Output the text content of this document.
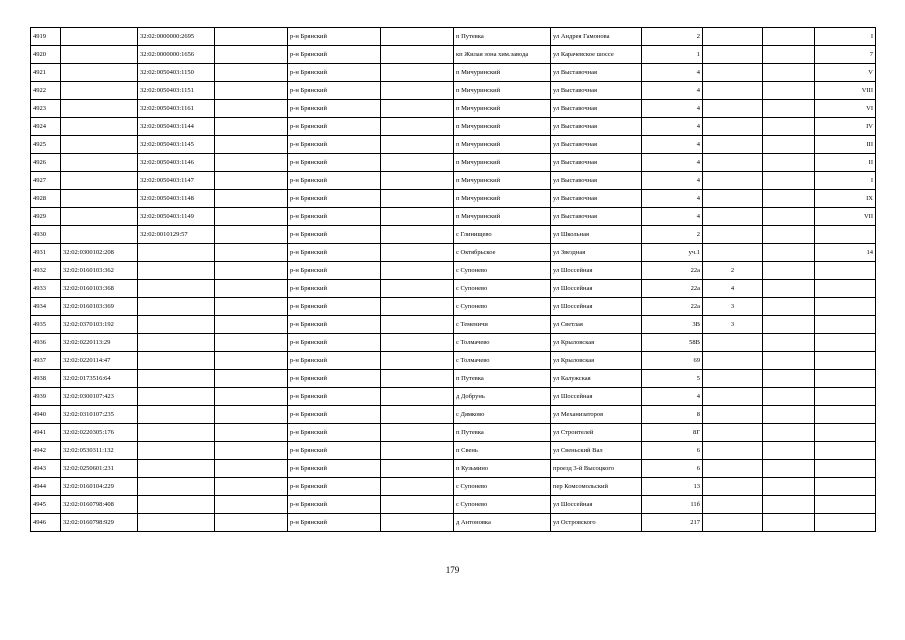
4919		32:02:0000000:2695		р-н Брянский		п Путевка	ул Андрея Гамонова	2			I
4920		32:02:0000000:1656		р-н Брянский		кп Жилая зона хим.завода	ул Карачевское шоссе	1			7
4921		32:02:0050403:1150		р-н Брянский		п Мичуринский	ул Выставочная	4			V
4922		32:02:0050403:1151		р-н Брянский		п Мичуринский	ул Выставочная	4			VIII
4923		32:02:0050403:1161		р-н Брянский		п Мичуринский	ул Выставочная	4			VI
4924		32:02:0050403:1144		р-н Брянский		п Мичуринский	ул Выставочная	4			IV
4925		32:02:0050403:1145		р-н Брянский		п Мичуринский	ул Выставочная	4			III
4926		32:02:0050403:1146		р-н Брянский		п Мичуринский	ул Выставочная	4			II
4927		32:02:0050403:1147		р-н Брянский		п Мичуринский	ул Выставочная	4			I
4928		32:02:0050403:1148		р-н Брянский		п Мичуринский	ул Выставочная	4			IX
4929		32:02:0050403:1149		р-н Брянский		п Мичуринский	ул Выставочная	4			VII
4930		32:02:0010129:57		р-н Брянский		с Глинищево	ул Школьная	2			
4931	32:02:0300102:208			р-н Брянский		с Октябрьское	ул Звездная	уч.1			14
4932	32:02:0160103:362			р-н Брянский		с Супонево	ул Шоссейная	22а	2		
4933	32:02:0160103:368			р-н Брянский		с Супонево	ул Шоссейная	22а	4		
4934	32:02:0160103:369			р-н Брянский		с Супонево	ул Шоссейная	22а	3		
4935	32:02:0370103:192			р-н Брянский		с Теменичи	ул Светлая	3В	3		
4936	32:02:0220113:29			р-н Брянский		с Толмачево	ул Крыловская	58В			
4937	32:02:0220114:47			р-н Брянский		с Толмачево	ул Крыловская	69			
4938	32:02:0173516:64			р-н Брянский		п Путевка	ул Калужская	5			
4939	32:02:0300107:423			р-н Брянский		д Добрунь	ул Шоссейная	4			
4940	32:02:0310107:235			р-н Брянский		с Дямково	ул Механизаторов	8			
4941	32:02:0220305:176			р-н Брянский		п Путевка	ул Строителей	8Г			
4942	32:02:0530311:132			р-н Брянский		п Свень	ул Свеньский Вал	6			
4943	32:02:0250601:231			р-н Брянский		п Кузьмино	проезд 3-й Высоцкого	6			
4944	32:02:0160104:229			р-н Брянский		с Супонево	пер Комсомольский	13			
4945	32:02:0160798:408			р-н Брянский		с Супонево	ул Шоссейная	11б			
4946	32:02:0160798:929			р-н Брянский		д Антоновка	ул Островского	217			
179
